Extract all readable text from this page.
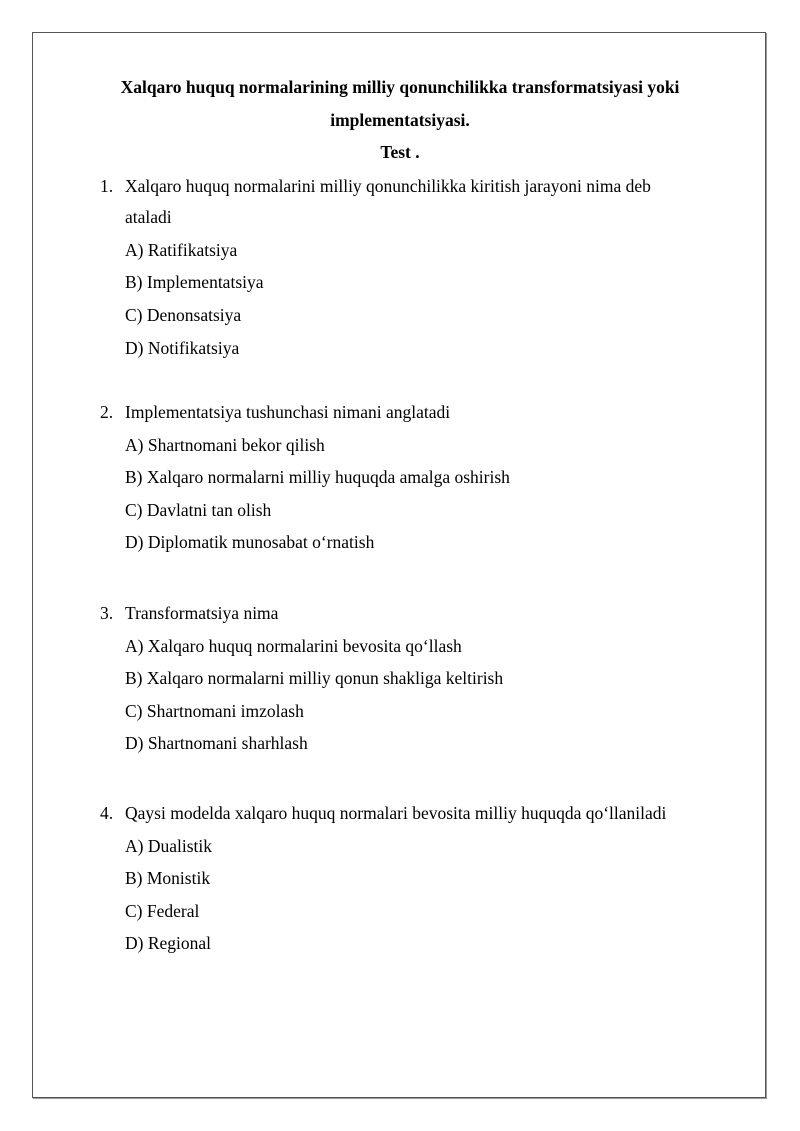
Xalqaro huquq normalarining milliy qonunchilikka transformatsiyasi yoki
implementatsiyasi.
Test .
1. Xalqaro huquq normalarini milliy qonunchilikka kiritish jarayoni nima deb
ataladi
A) Ratifikatsiya
B) Implementatsiya
C) Denonsatsiya
D) Notifikatsiya
2. Implementatsiya tushunchasi nimani anglatadi
A) Shartnomani bekor qilish
B) Xalqaro normalarni milliy huquqda amalga oshirish
C) Davlatni tan olish
D) Diplomatik munosabat o‘rnatish
3. Transformatsiya nima
A) Xalqaro huquq normalarini bevosita qo‘llash
B) Xalqaro normalarni milliy qonun shakliga keltirish
C) Shartnomani imzolash
D) Shartnomani sharhlash
4. Qaysi modelda xalqaro huquq normalari bevosita milliy huquqda qo‘llaniladi
A) Dualistik
B) Monistik
C) Federal
D) Regional
